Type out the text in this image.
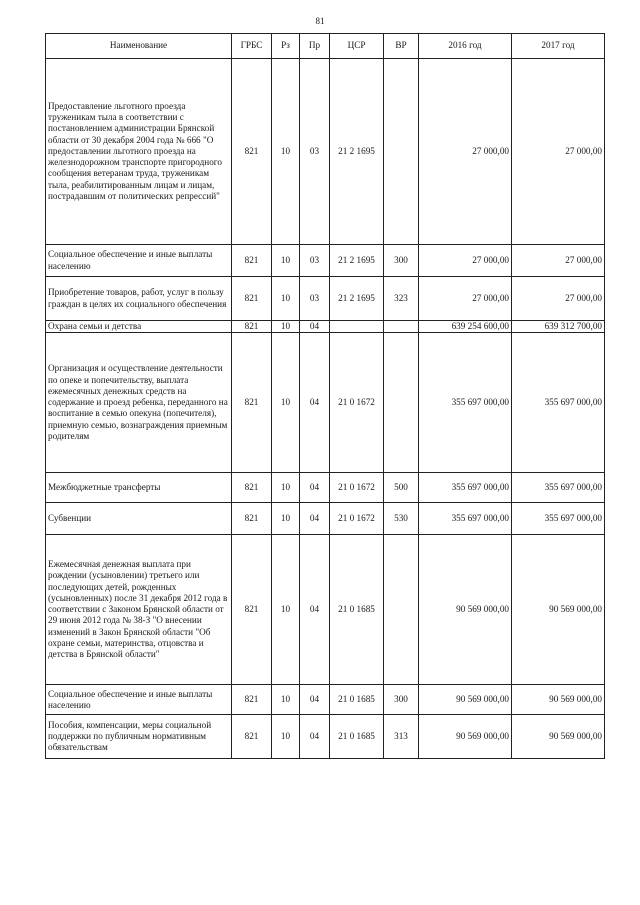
81
Наименование	ГРБС	Рз	Пр	ЦСР	ВР	2016 год	2017 год
Предоставление льготного проезда труженикам тыла в соответствии с постановлением администрации Брянской области от 30 декабря 2004 года № 666 "О предоставлении льготного проезда на железнодорожном транспорте пригородного сообщения ветеранам труда, труженикам тыла, реабилитированным лицам и лицам, пострадавшим от политических репрессий"	821	10	03	21 2 1695		27 000,00	27 000,00
Социальное обеспечение и иные выплаты населению	821	10	03	21 2 1695	300	27 000,00	27 000,00
Приобретение товаров, работ, услуг в пользу граждан в целях их социального обеспечения	821	10	03	21 2 1695	323	27 000,00	27 000,00
Охрана семьи и детства	821	10	04			639 254 600,00	639 312 700,00
Организация и осуществление деятельности по опеке и попечительству, выплата ежемесячных денежных средств на содержание и проезд ребенка, переданного на воспитание в семью опекуна (попечителя), приемную семью, вознаграждения приемным родителям	821	10	04	21 0 1672		355 697 000,00	355 697 000,00
Межбюджетные трансферты	821	10	04	21 0 1672	500	355 697 000,00	355 697 000,00
Субвенции	821	10	04	21 0 1672	530	355 697 000,00	355 697 000,00
Ежемесячная денежная выплата при рождении (усыновлении) третьего или последующих детей, рожденных (усыновленных) после 31 декабря 2012 года в соответствии с Законом Брянской области от 29 июня 2012 года № 38-З "О внесении изменений в Закон Брянской области "Об охране семьи, материнства, отцовства и детства в Брянской области"	821	10	04	21 0 1685		90 569 000,00	90 569 000,00
Социальное обеспечение и иные выплаты населению	821	10	04	21 0 1685	300	90 569 000,00	90 569 000,00
Пособия, компенсации, меры социальной поддержки по публичным нормативным обязательствам	821	10	04	21 0 1685	313	90 569 000,00	90 569 000,00
